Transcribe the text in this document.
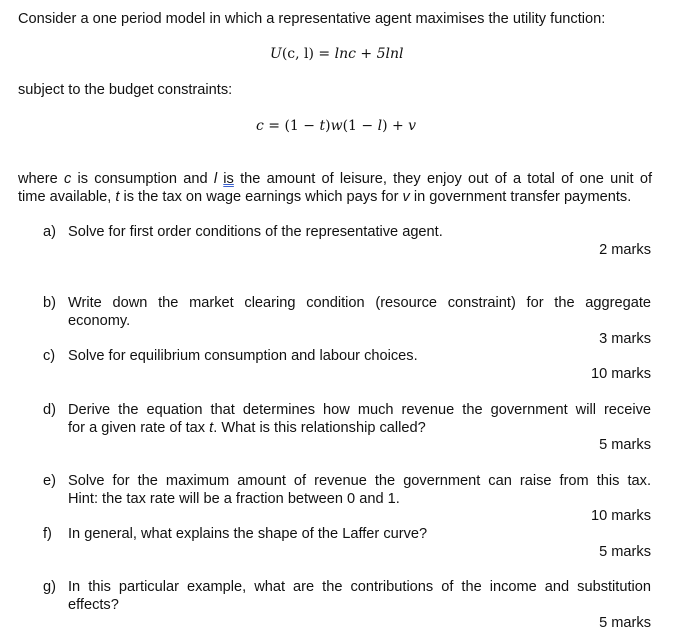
Consider a one period model in which a representative agent maximises the utility function:
U(c, l) = lnc + 5lnl
subject to the budget constraints:
c = (1 − t)w(1 − l) + v
where c is consumption and l is the amount of leisure, they enjoy out of a total of one unit of
time available, t is the tax on wage earnings which pays for v in government transfer payments.
a) Solve for first order conditions of the representative agent.
2 marks
b) Write down the market clearing condition (resource constraint) for the aggregate
economy.
3 marks
c) Solve for equilibrium consumption and labour choices.
10 marks
d) Derive the equation that determines how much revenue the government will receive
for a given rate of tax t. What is this relationship called?
5 marks
e) Solve for the maximum amount of revenue the government can raise from this tax.
Hint: the tax rate will be a fraction between 0 and 1.
10 marks
f) In general, what explains the shape of the Laffer curve?
5 marks
g) In this particular example, what are the contributions of the income and substitution
effects?
5 marks
